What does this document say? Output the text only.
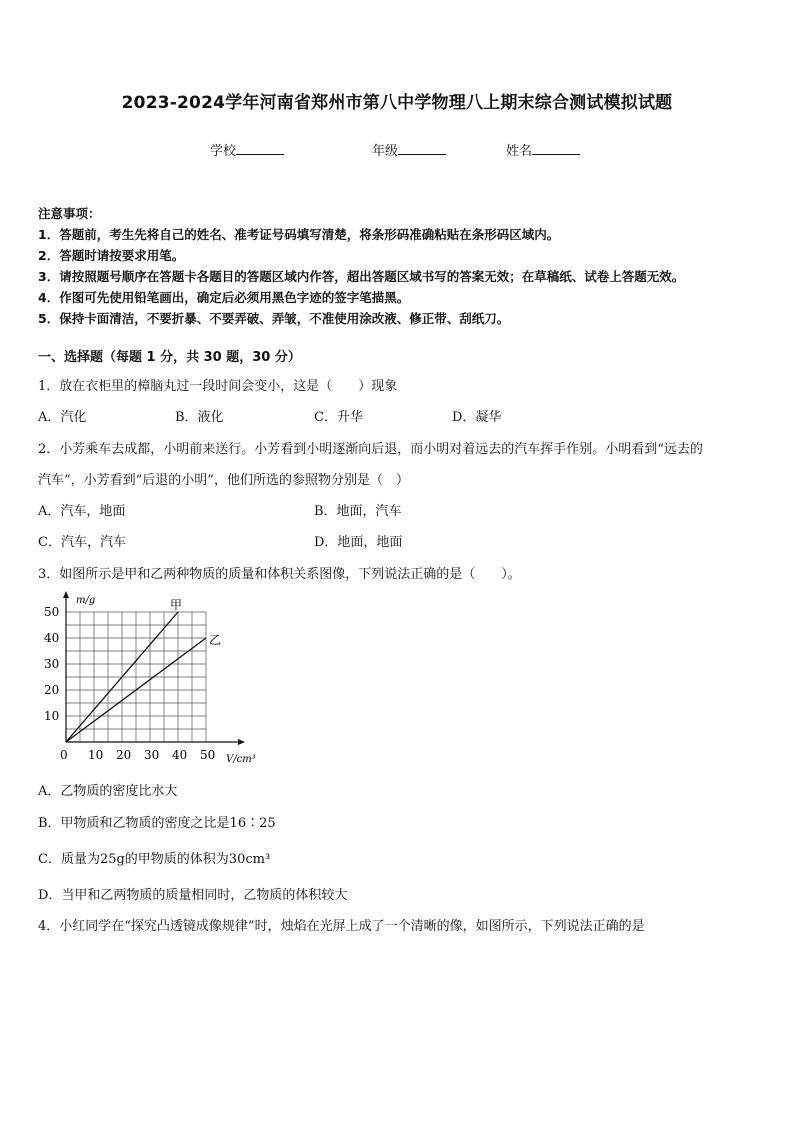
2023-2024学年河南省郑州市第八中学物理八上期末综合测试模拟试题
学校	年级	姓名
注意事项：
1．答题前，考生先将自己的姓名、准考证号码填写清楚，将条形码准确粘贴在条形码区域内。
2．答题时请按要求用笔。
3．请按照题号顺序在答题卡各题目的答题区域内作答，超出答题区域书写的答案无效；在草稿纸、试卷上答题无效。
4．作图可先使用铅笔画出，确定后必须用黑色字迹的签字笔描黑。
5．保持卡面清洁，不要折暴、不要弄破、弄皱，不准使用涂改液、修正带、刮纸刀。
一、选择题（每题 1 分，共 30 题，30 分）
1．放在衣柜里的樟脑丸过一段时间会变小，这是（　　）现象
A．汽化	B．液化	C．升华	D．凝华
2．小芳乘车去成都，小明前来送行。小芳看到小明逐渐向后退，而小明对着远去的汽车挥手作别。小明看到“远去的
汽车”，小芳看到“后退的小明”，他们所选的参照物分别是（　）
A．汽车，地面	B．地面，汽车
C．汽车，汽车	D．地面，地面
3．如图所示是甲和乙两种物质的质量和体积关系图像，下列说法正确的是（　　）。
0 10 20 30 40 50
10
20
30
40
50	甲
乙
m/g
V/cm³
A．乙物质的密度比水大
B．甲物质和乙物质的密度之比是16∶25
C．质量为25g的甲物质的体积为30cm³
D．当甲和乙两物质的质量相同时，乙物质的体积较大
4．小红同学在“探究凸透镜成像规律”时，烛焰在光屏上成了一个清晰的像，如图所示，下列说法正确的是
